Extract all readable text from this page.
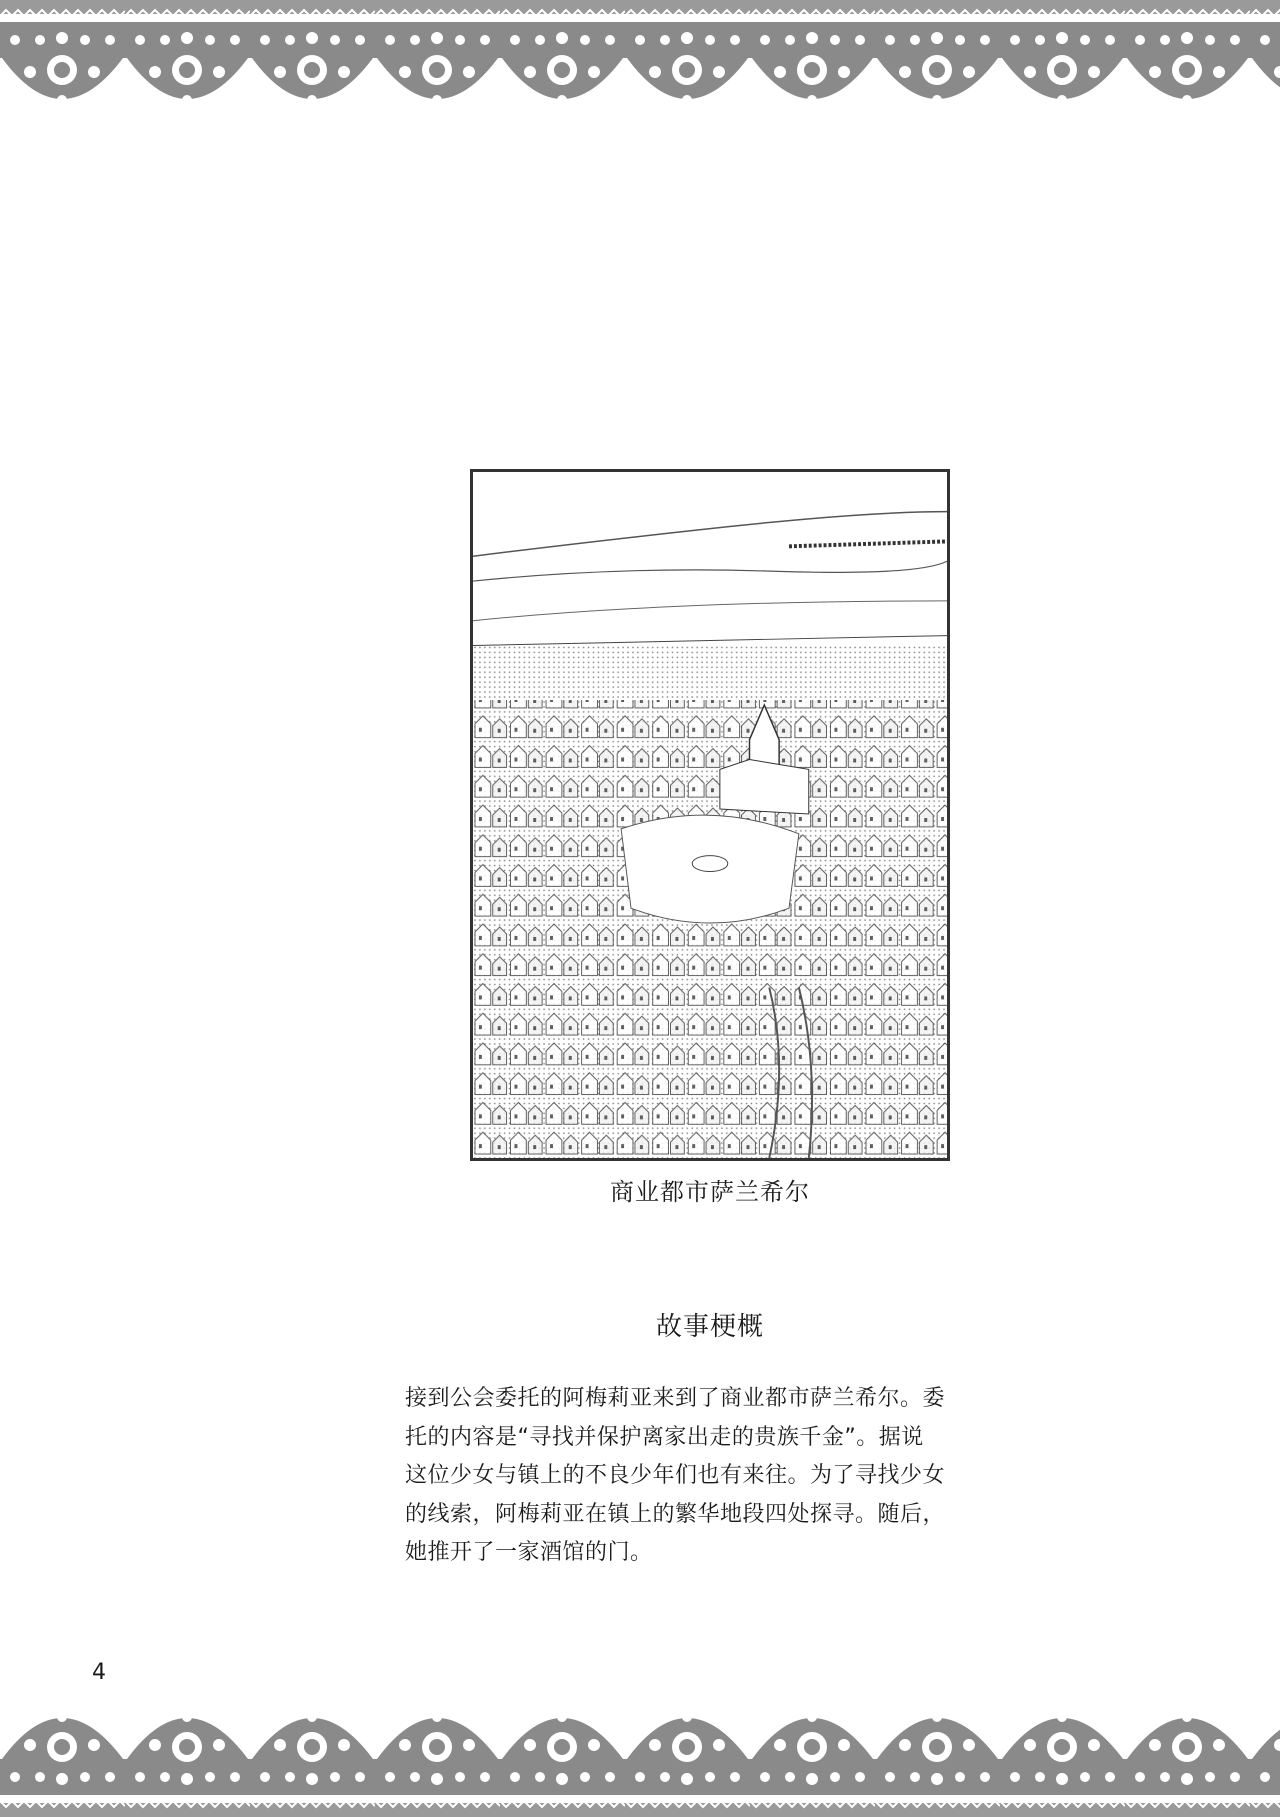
商业都市萨兰希尔
故事梗概

接到公会委托的阿梅莉亚来到了商业都市萨兰希尔。委

托的内容是“寻找并保护离家出走的贵族千金”。据说

这位少女与镇上的不良少年们也有来往。为了寻找少女

的线索，阿梅莉亚在镇上的繁华地段四处探寻。随后，

她推开了一家酒馆的门。

4
